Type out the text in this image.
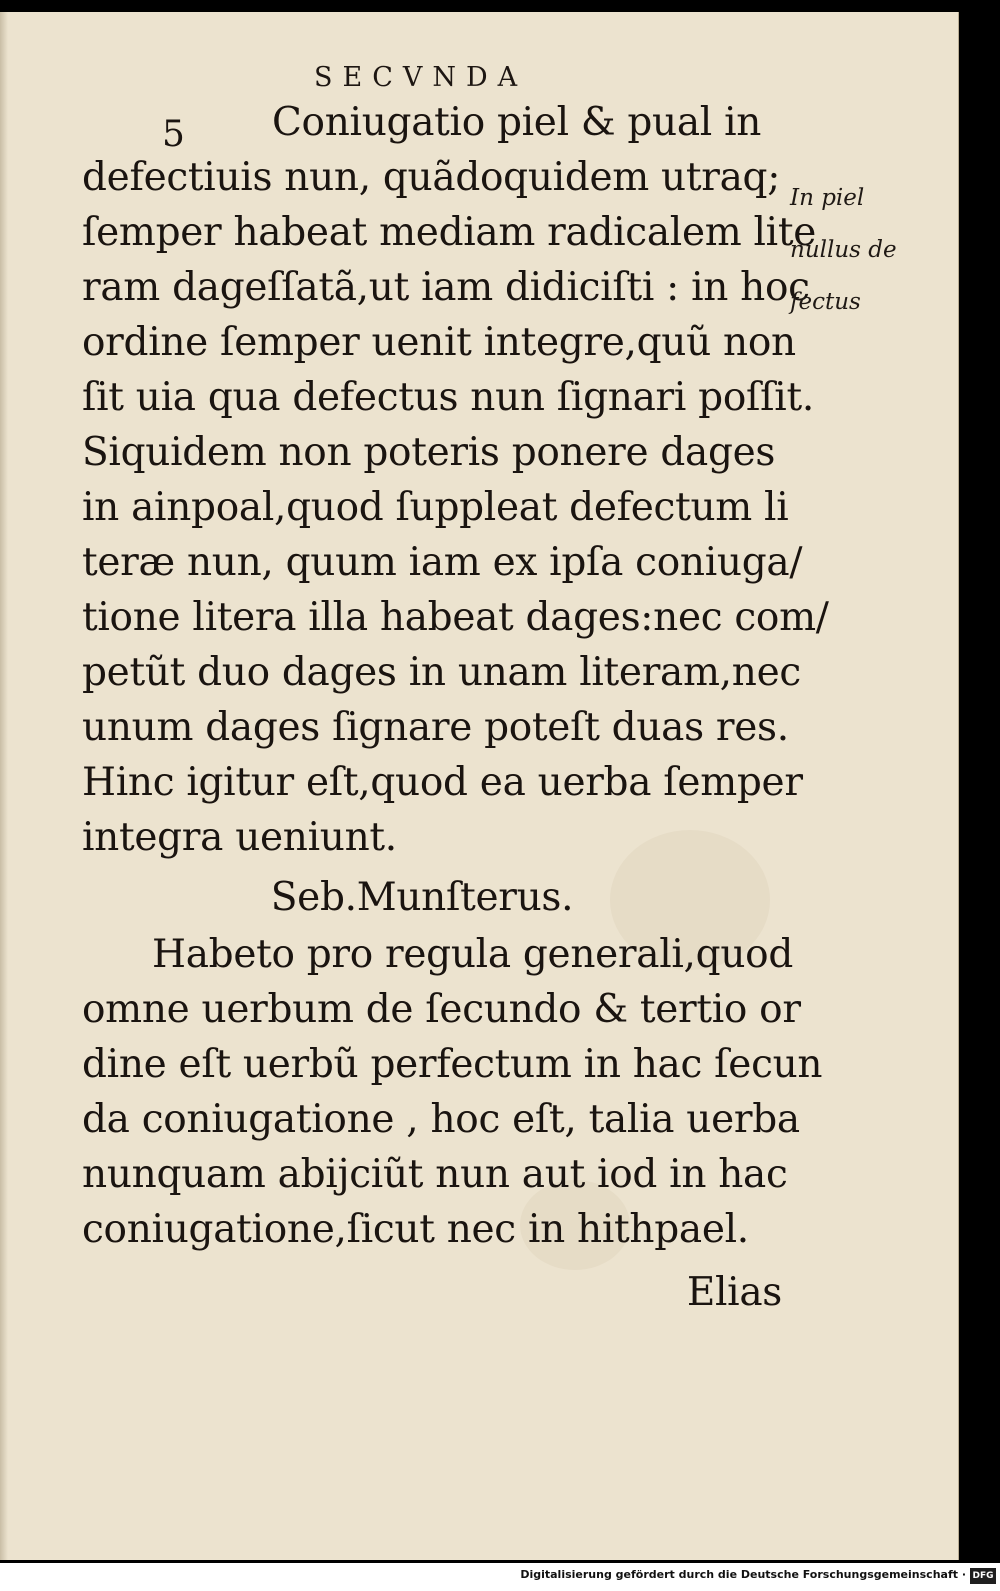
SECVNDA
5 Coniugatio piel & pual in
defectiuis nun, quãdoquidem utraq;
ſemper habeat mediam radicalem lite
ram dageſſatã,ut iam didiciſti : in hoc
ordine ſemper uenit integre,quũ non
ſit uia qua defectus nun ſignari poſſit.
Siquidem non poteris ponere dages
in ainpoal,quod ſuppleat defectum li
teræ nun, quum iam ex ipſa coniuga/
tione litera illa habeat dages:nec com/
petũt duo dages in unam literam,nec
unum dages ſignare poteſt duas res.
Hinc igitur eſt,quod ea uerba ſemper
integra ueniunt.
Seb.Munſterus.
Habeto pro regula generali,quod
omne uerbum de ſecundo & tertio or
dine eſt uerbũ perfectum in hac ſecun
da coniugatione , hoc eſt, talia uerba
nunquam abijciũt nun aut iod in hac
coniugatione,ſicut nec in hithpael.
Elias
In piel
nullus de
fectus
Digitalisierung gefördert durch die Deutsche Forschungsgemeinschaft · DFG
